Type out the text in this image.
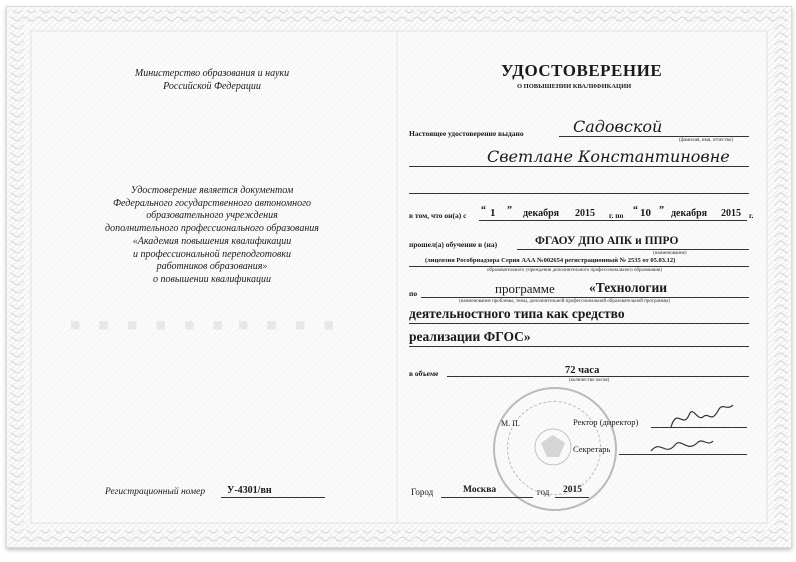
▪ ▪ ▪ ▪ ▪ ▪ ▪ ▪ ▪ ▪
Министерство образования и науки
Российской Федерации
Удостоверение является документом
Федерального государственного автономного
образовательного учреждения
дополнительного профессионального образования
«Академия повышения квалификации
и профессиональной переподготовки
работников образования»
о повышении квалификации
Регистрационный номер У-4301/вн
УДОСТОВЕРЕНИЕ
О ПОВЫШЕНИИ КВАЛИФИКАЦИИ
Настоящее удостоверение выдано	Садовской
(фамилия, имя, отчество)
Светлане Константиновне
в том, что он(а) с “ 1 ” декабря 2015 г. по “ 10 ” декабря 2015 г.
прошел(а) обучение в (на)	ФГАОУ ДПО АПК и ППРО
(наименование)
(лицензия Рособрнадзора Серия ААА №002654 регистрационный № 2535 от 05.03.12)
образовательного учреждения дополнительного профессионального образования)
по	программе	«Технологии
(наименование проблемы, темы, дополнительной профессиональной образовательной программы)
деятельностного типа как средство
реализации ФГОС»
в объеме	72 часа
(количество часов)
М. П.	Ректор (директор)
Секретарь
Город	Москва	год 2015
